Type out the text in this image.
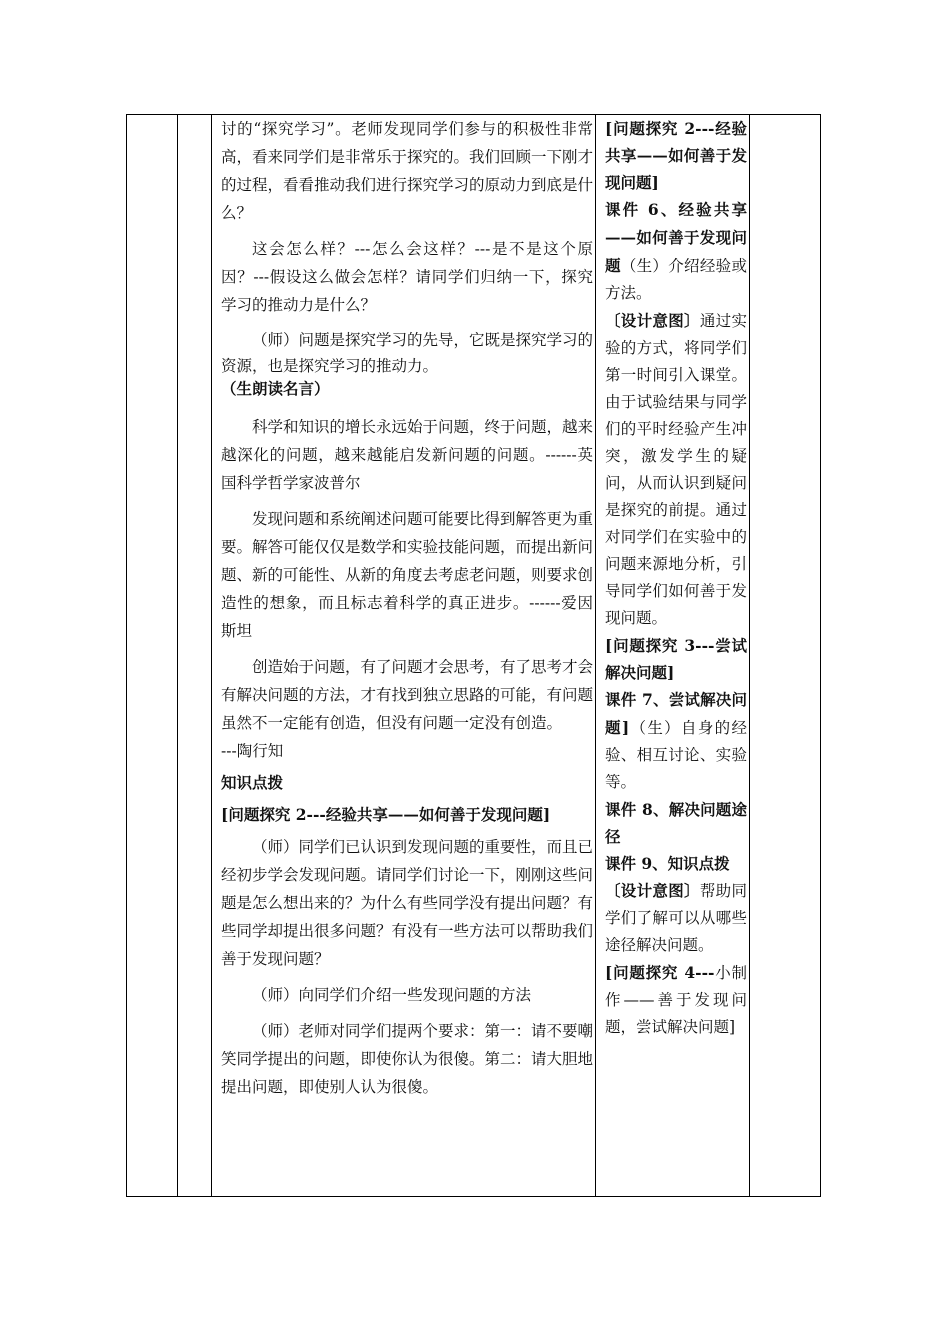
讨的“探究学习”。老师发现同学们参与的积极性非常高，看来同学们是非常乐于探究的。我们回顾一下刚才的过程，看看推动我们进行探究学习的原动力到底是什么？

这会怎么样？---怎么会这样？---是不是这个原因？---假设这么做会怎样？请同学们归纳一下，探究学习的推动力是什么？

（师）问题是探究学习的先导，它既是探究学习的资源，也是探究学习的推动力。

（生朗读名言）

科学和知识的增长永远始于问题，终于问题，越来越深化的问题，越来越能启发新问题的问题。------英国科学哲学家波普尔

发现问题和系统阐述问题可能要比得到解答更为重要。解答可能仅仅是数学和实验技能问题，而提出新问题、新的可能性、从新的角度去考虑老问题，则要求创造性的想象，而且标志着科学的真正进步。------爱因斯坦

创造始于问题，有了问题才会思考，有了思考才会有解决问题的方法，才有找到独立思路的可能，有问题虽然不一定能有创造，但没有问题一定没有创造。

---陶行知

知识点拨

[问题探究 2---经验共享——如何善于发现问题]

（师）同学们已认识到发现问题的重要性，而且已经初步学会发现问题。请同学们讨论一下，刚刚这些问题是怎么想出来的？为什么有些同学没有提出问题？有些同学却提出很多问题？有没有一些方法可以帮助我们善于发现问题？

（师）向同学们介绍一些发现问题的方法

（师）老师对同学们提两个要求：第一：请不要嘲笑同学提出的问题，即使你认为很傻。第二：请大胆地提出问题，即使别人认为很傻。

[问题探究 2---经验共享——如何善于发现问题]

课件 6、经验共享——如何善于发现问题（生）介绍经验或方法。

〔设计意图〕通过实验的方式，将同学们第一时间引入课堂。由于试验结果与同学们的平时经验产生冲突，激发学生的疑问，从而认识到疑问是探究的前提。通过对同学们在实验中的问题来源地分析，引导同学们如何善于发现问题。

[问题探究 3---尝试解决问题]

课件 7、尝试解决问题]（生）自身的经验、相互讨论、实验等。

课件 8、解决问题途径

课件 9、知识点拨

〔设计意图〕帮助同学们了解可以从哪些途径解决问题。

[问题探究 4---小制作——善于发现问题，尝试解决问题]
